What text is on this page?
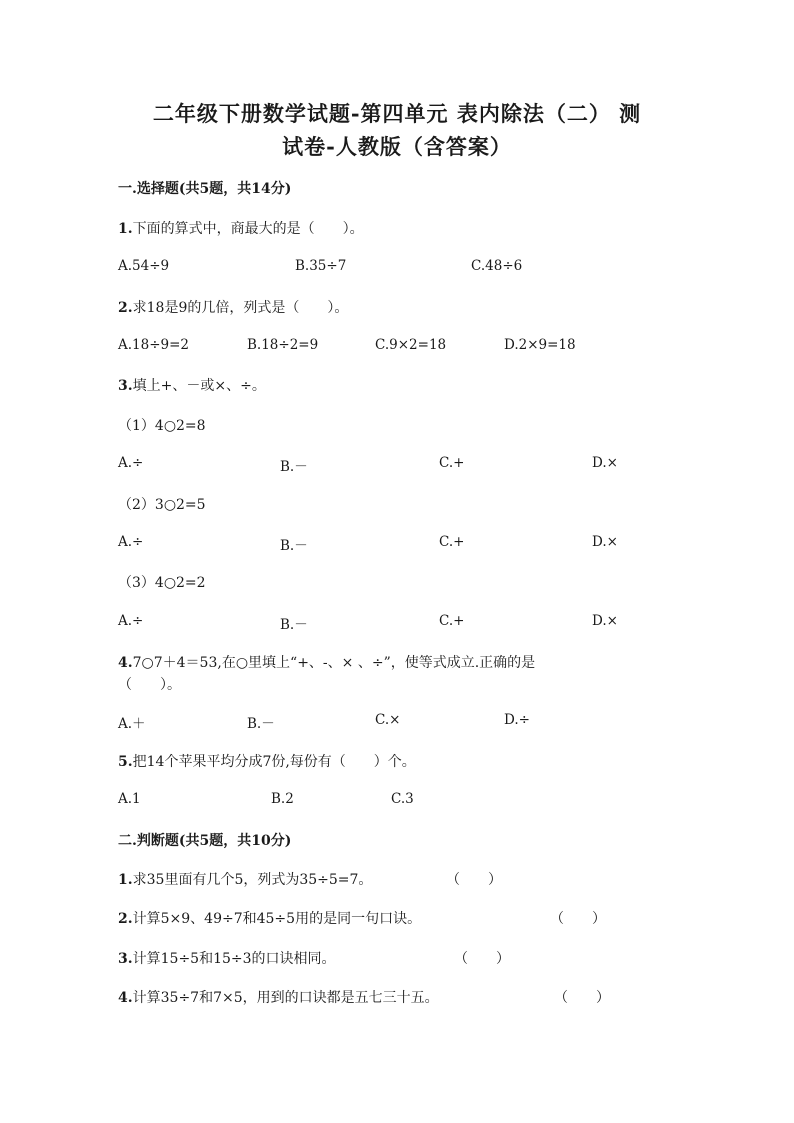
二年级下册数学试题-第四单元 表内除法（二） 测
试卷-人教版（含答案）
一.选择题(共5题，共14分)
1.下面的算式中，商最大的是（　　）。
A.54÷9	B.35÷7	C.48÷6
2.求18是9的几倍，列式是（　　）。
A.18÷9=2	B.18÷2=9	C.9×2=18	D.2×9=18
3.填上+、－或×、÷。
（1）4○2=8
A.÷	B.－	C.+	D.×
（2）3○2=5
A.÷	B.－	C.+	D.×
（3）4○2=2
A.÷	B.－	C.+	D.×
4.7○7＋4＝53,在○里填上“+、-、× 、÷”，使等式成立.正确的是
（　　）。
A.＋	B.－	C.×	D.÷
5.把14个苹果平均分成7份,每份有（　　）个。
A.1	B.2	C.3
二.判断题(共5题，共10分)
1.求35里面有几个5，列式为35÷5=7。	（　　）
2.计算5×9、49÷7和45÷5用的是同一句口诀。	（　　）
3.计算15÷5和15÷3的口诀相同。	（　　）
4.计算35÷7和7×5，用到的口诀都是五七三十五。	（　　）
